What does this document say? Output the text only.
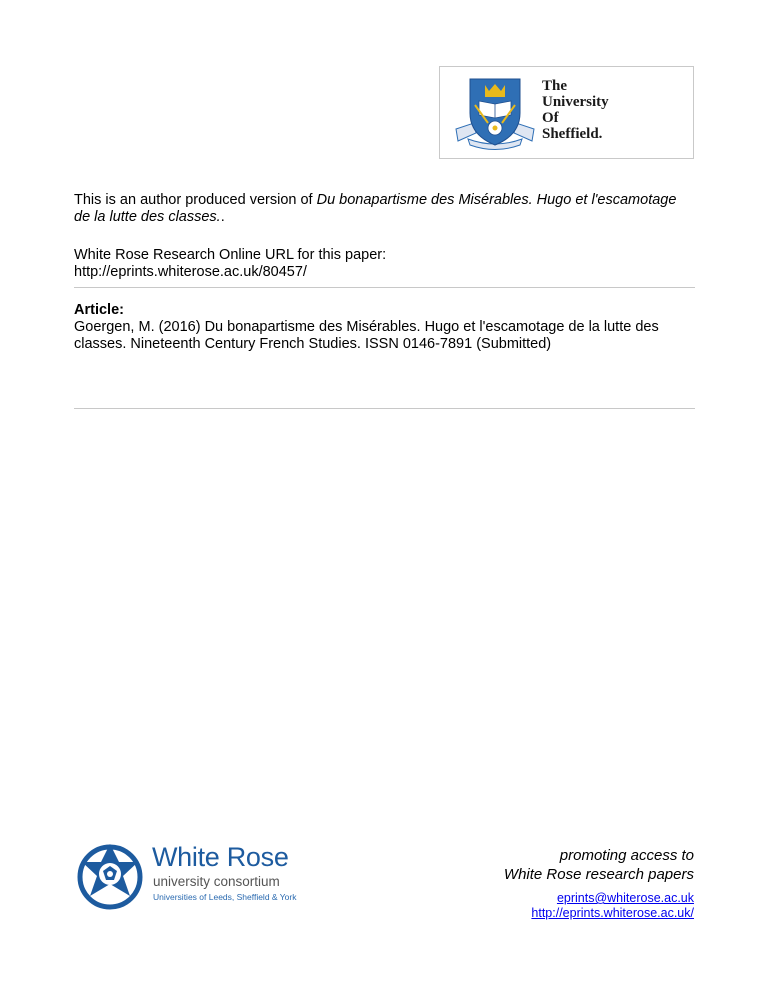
The
University
Of
Sheffield.
This is an author produced version of Du bonapartisme des Misérables. Hugo et l'escamotage de la lutte des classes..
White Rose Research Online URL for this paper:
http://eprints.whiterose.ac.uk/80457/
Article:
Goergen, M. (2016) Du bonapartisme des Misérables. Hugo et l'escamotage de la lutte des classes. Nineteenth Century French Studies. ISSN 0146-7891 (Submitted)
White Rose
university consortium
Universities of Leeds, Sheffield & York
promoting access to
White Rose research papers
eprints@whiterose.ac.uk
http://eprints.whiterose.ac.uk/
